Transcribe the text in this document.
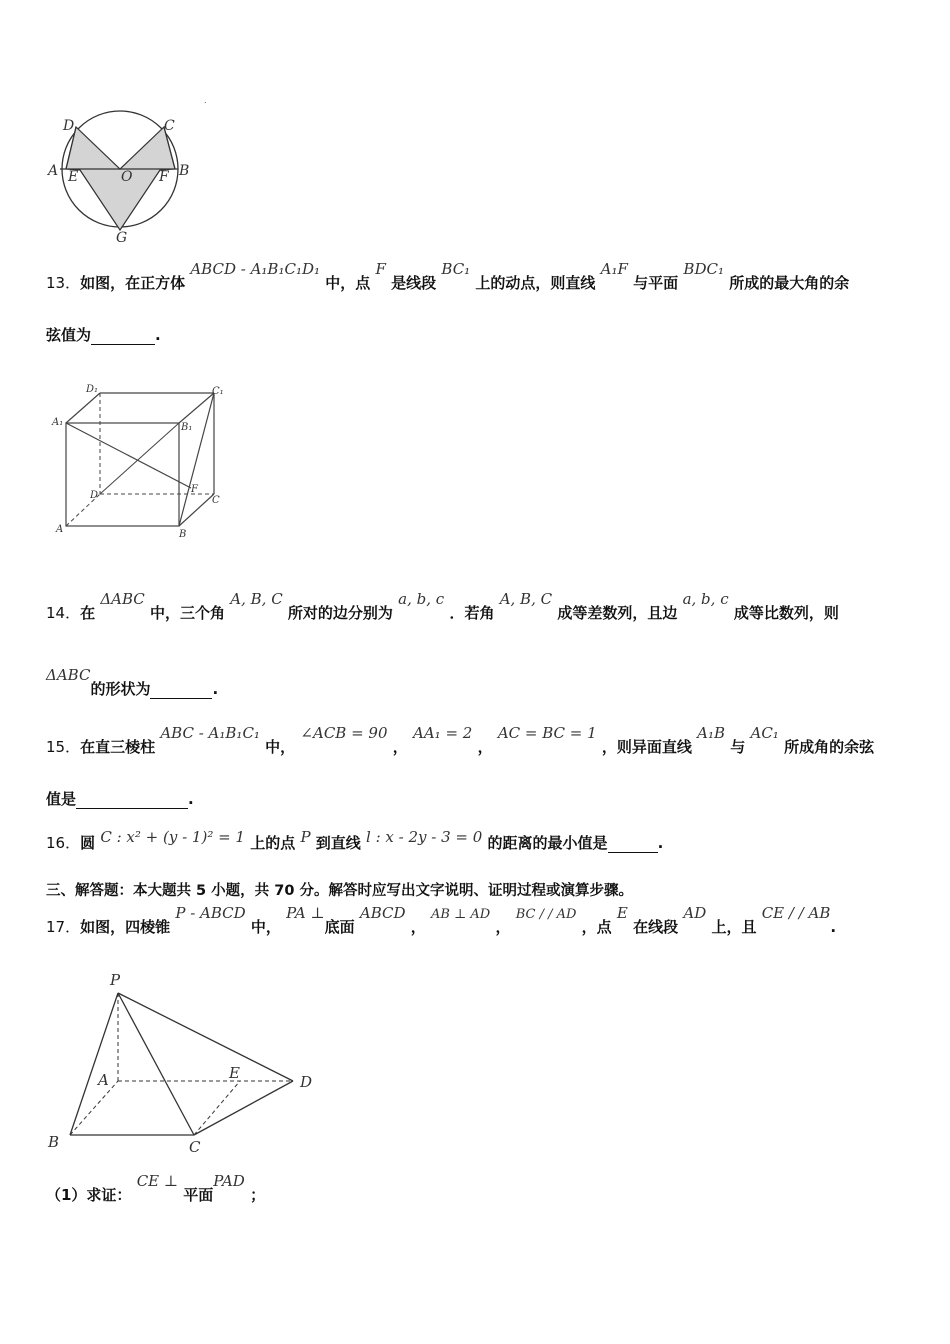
.
D	C
A E	O F B
G
13．如图，在正方体 ABCD - A₁B₁C₁D₁ 中，点 F 是线段 BC₁ 上的动点，则直线 A₁F 与平面 BDC₁ 所成的最大角的余
弦值为	.
D₁	C₁
A₁	B₁
D
F
C
A	B
14．在 ΔABC 中，三个角 A, B, C 所对的边分别为 a, b, c ．若角 A, B, C 成等差数列，且边 a, b, c 成等比数列，则
ΔABC的形状为	.
15．在直三棱柱 ABC - A₁B₁C₁ 中， ∠ACB = 90 ， AA₁ = 2 ， AC = BC = 1 ，则异面直线 A₁B 与 AC₁ 所成角的余弦
值是	.
16．圆 C : x² + (y - 1)² = 1 上的点 P 到直线 l : x - 2y - 3 = 0 的距离的最小值是	.
三、解答题：本大题共 5 小题，共 70 分。解答时应写出文字说明、证明过程或演算步骤。
17．如图，四棱锥 P - ABCD 中， PA ⊥底面 ABCD ， AB ⊥ AD ， BC / / AD ，点 E 在线段 AD 上，且 CE / / AB.
P
A	E	D
B	C
（1）求证： CE ⊥ 平面PAD ；
